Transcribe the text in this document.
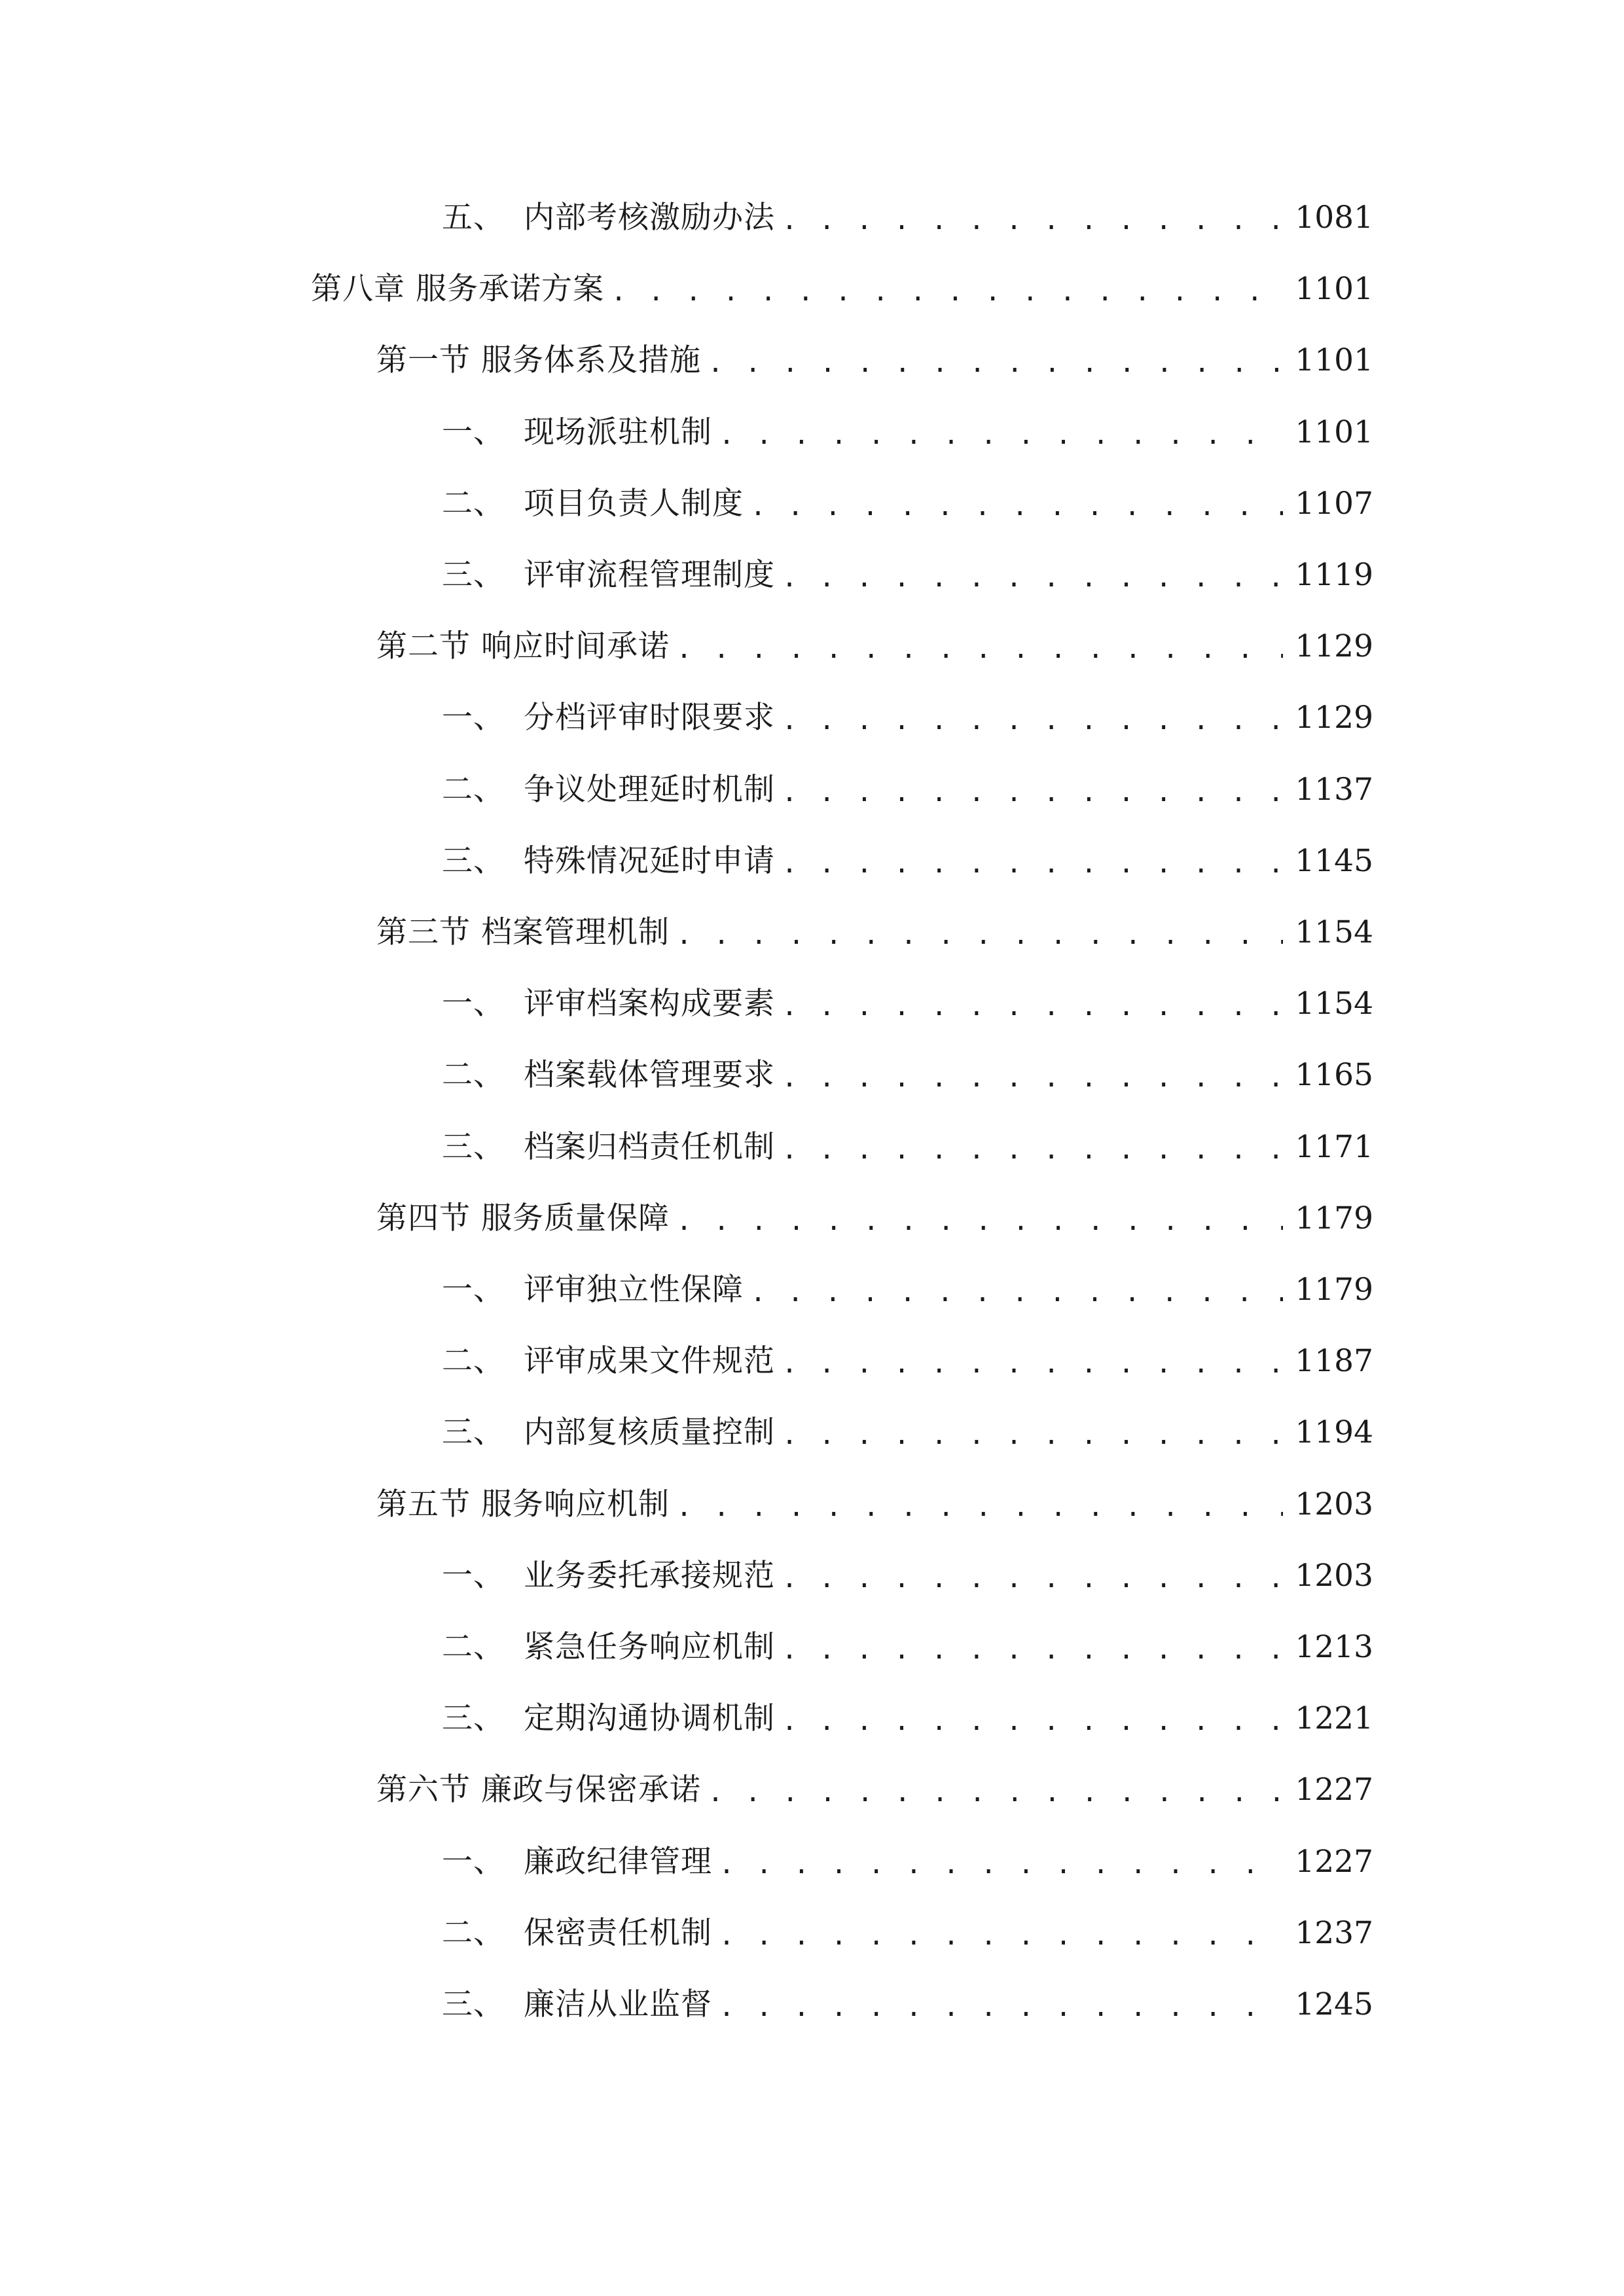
五、 内部考核激励办法 . . .	1081
第八章 服务承诺方案 . . .	1101
第一节 服务体系及措施 . . .	1101
一、 现场派驻机制 . . .	1101
二、 项目负责人制度 . . .	1107
三、 评审流程管理制度 . . .	1119
第二节 响应时间承诺 . . .	1129
一、 分档评审时限要求 . . .	1129
二、 争议处理延时机制 . . .	1137
三、 特殊情况延时申请 . . .	1145
第三节 档案管理机制 . . .	1154
一、 评审档案构成要素 . . .	1154
二、 档案载体管理要求 . . .	1165
三、 档案归档责任机制 . . .	1171
第四节 服务质量保障 . . .	1179
一、 评审独立性保障 . . .	1179
二、 评审成果文件规范 . . .	1187
三、 内部复核质量控制 . . .	1194
第五节 服务响应机制 . . .	1203
一、 业务委托承接规范 . . .	1203
二、 紧急任务响应机制 . . .	1213
三、 定期沟通协调机制 . . .	1221
第六节 廉政与保密承诺 . . .	1227
一、 廉政纪律管理 . . .	1227
二、 保密责任机制 . . .	1237
三、 廉洁从业监督 . . .	1245
